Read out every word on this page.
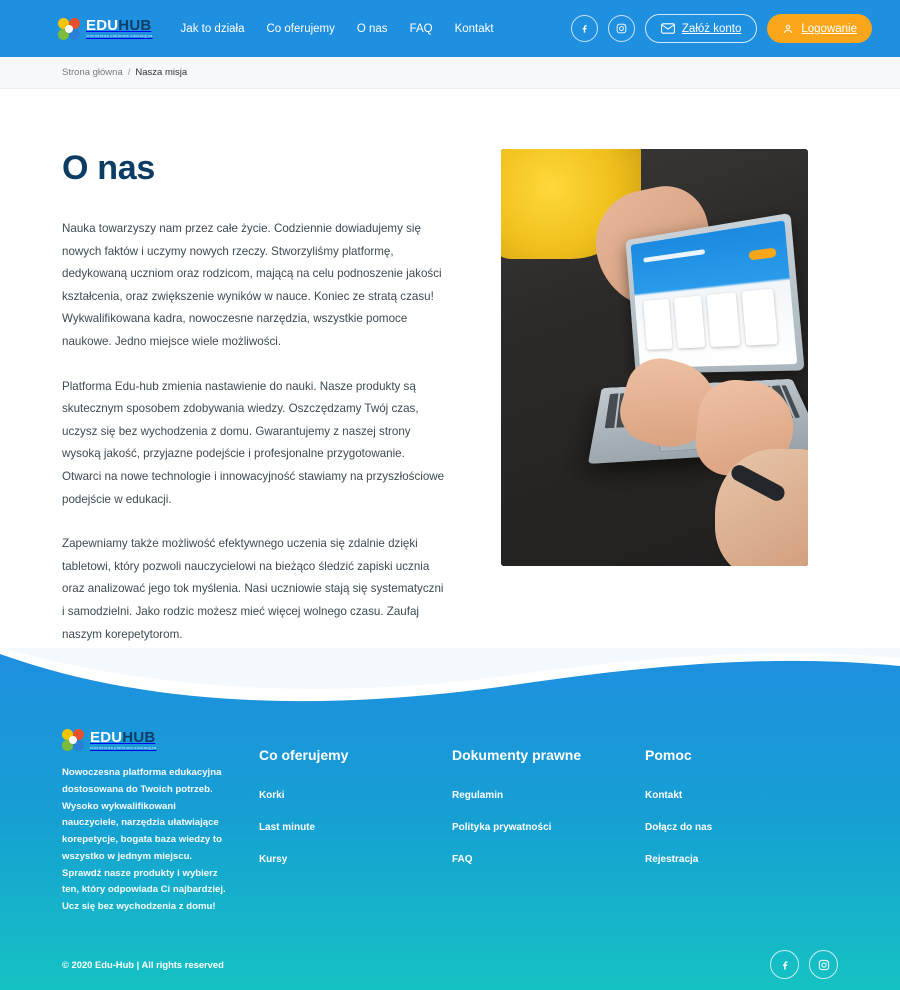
EDUHUB
internetowa platforma edukacyjna
Jak to działa Co oferujemy O nas FAQ Kontakt	Załóż konto	Logowanie
Strona główna / Nasza misja
O nas

Nauka towarzyszy nam przez całe życie. Codziennie dowiadujemy się nowych faktów i uczymy nowych rzeczy. Stworzyliśmy platformę, dedykowaną uczniom oraz rodzicom, mającą na celu podnoszenie jakości kształcenia, oraz zwiększenie wyników w nauce. Koniec ze stratą czasu! Wykwalifikowana kadra, nowoczesne narzędzia, wszystkie pomoce naukowe. Jedno miejsce wiele możliwości.

Platforma Edu-hub zmienia nastawienie do nauki. Nasze produkty są skutecznym sposobem zdobywania wiedzy. Oszczędzamy Twój czas, uczysz się bez wychodzenia z domu. Gwarantujemy z naszej strony wysoką jakość, przyjazne podejście i profesjonalne przygotowanie. Otwarci na nowe technologie i innowacyjność stawiamy na przyszłościowe podejście w edukacji.

Zapewniamy także możliwość efektywnego uczenia się zdalnie dzięki tabletowi, który pozwoli nauczycielowi na bieżąco śledzić zapiski ucznia oraz analizować jego tok myślenia. Nasi uczniowie stają się systematyczni i samodzielni. Jako rodzic możesz mieć więcej wolnego czasu. Zaufaj naszym korepetytorom.

EDUHUB
internetowa platforma edukacyjna
Nowoczesna platforma edukacyjna dostosowana do Twoich potrzeb. Wysoko wykwalifikowani nauczyciele, narzędzia ułatwiające korepetycje, bogata baza wiedzy to wszystko w jednym miejscu. Sprawdź nasze produkty i wybierz ten, który odpowiada Ci najbardziej. Ucz się bez wychodzenia z domu!
Co oferujemy
Korki
Last minute
Kursy
Dokumenty prawne
Regulamin
Polityka prywatności
FAQ
Pomoc
Kontakt
Dołącz do nas
Rejestracja
© 2020 Edu-Hub | All rights reserved
